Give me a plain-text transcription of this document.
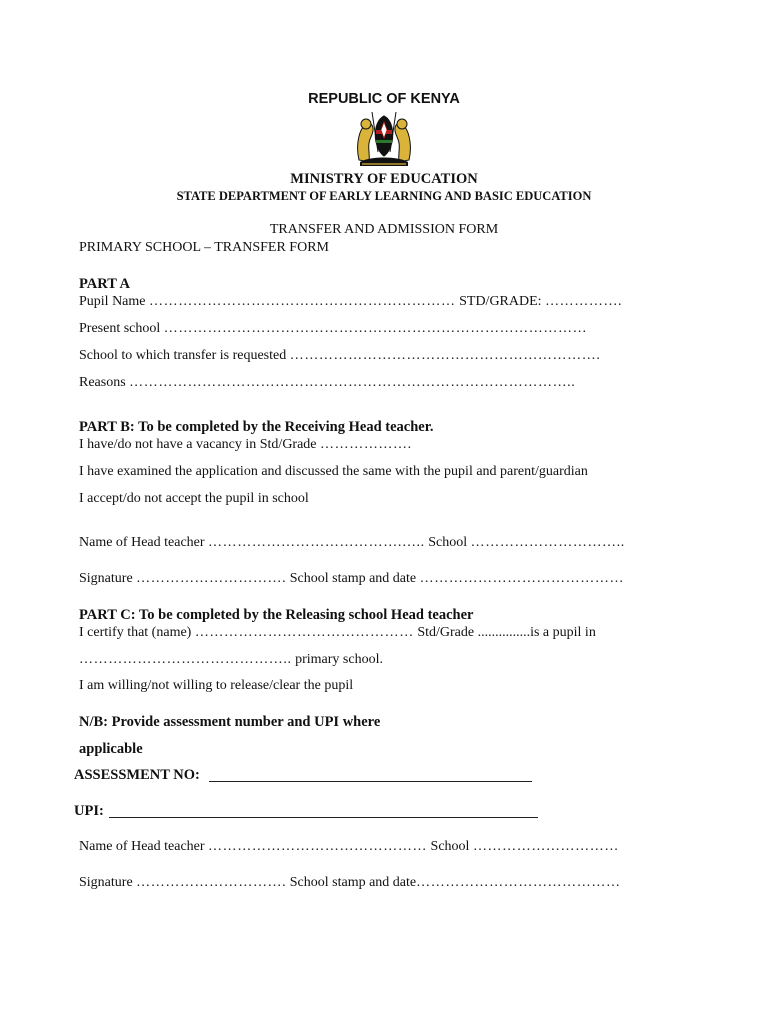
REPUBLIC OF KENYA
MINISTRY OF EDUCATION
STATE DEPARTMENT OF EARLY LEARNING AND BASIC EDUCATION
TRANSFER AND ADMISSION FORM
PRIMARY SCHOOL – TRANSFER FORM
PART A
Pupil Name ……………………………………………………… STD/GRADE: …………….
Present school ……………………………………………………………………………
School to which transfer is requested ……………………………………………………….
Reasons ………………………………………………………………………………..
PART B: To be completed by the Receiving Head teacher.
I have/do not have a vacancy in Std/Grade ……………….
I have examined the application and discussed the same with the pupil and parent/guardian
I accept/do not accept the pupil in school
Name of Head teacher ………………………………….….. School …………………………..
Signature …………………………. School stamp and date ……………………………………
PART C: To be completed by the Releasing school Head teacher
I certify that (name) ……………………………………… Std/Grade ...............is a pupil in
…………………………………….. primary school.
I am willing/not willing to release/clear the pupil
N/B: Provide assessment number and UPI where
applicable
ASSESSMENT NO:
UPI:
Name of Head teacher ……………………………………… School …………………………
Signature …………………………. School stamp and date……………………………………
